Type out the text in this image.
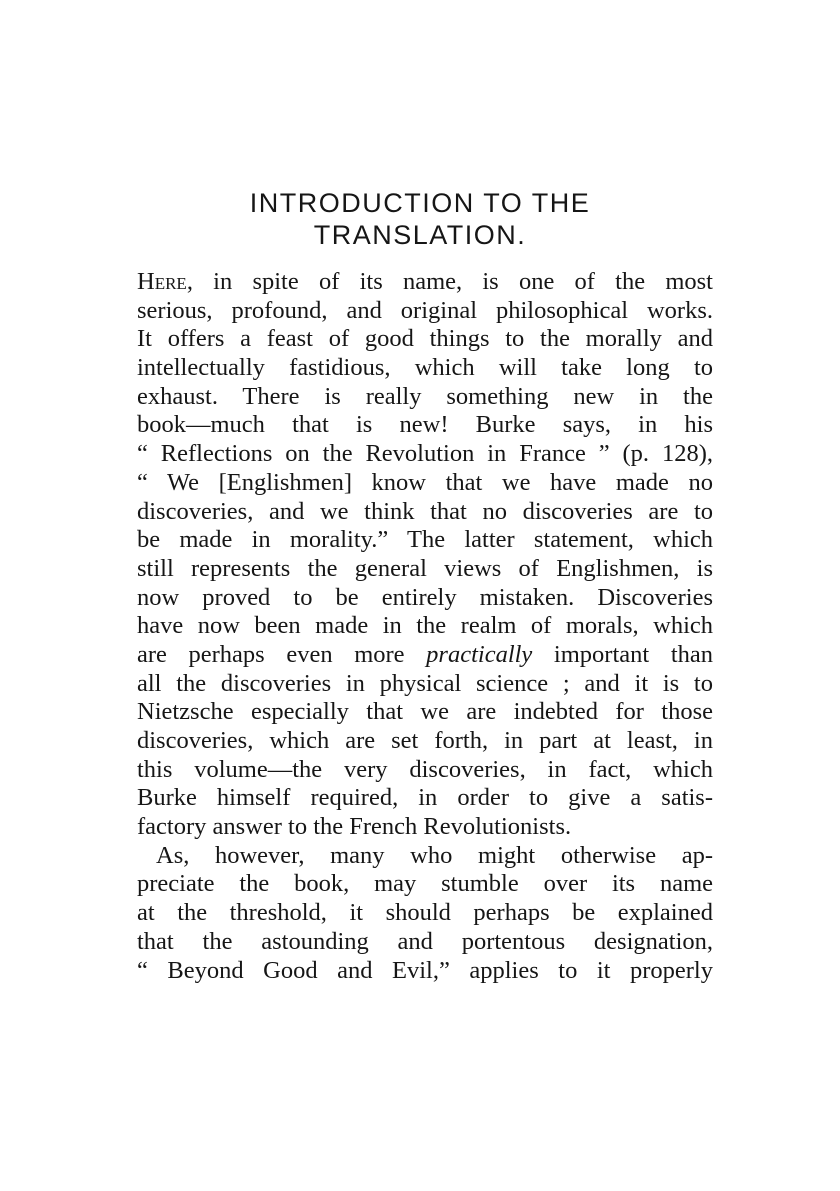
INTRODUCTION TO THE
TRANSLATION.
Here, in spite of its name, is one of the most
serious, profound, and original philosophical works.
It offers a feast of good things to the morally and
intellectually fastidious, which will take long to
exhaust. There is really something new in the
book—much that is new! Burke says, in his
“ Reflections on the Revolution in France ” (p. 128),
“ We [Englishmen] know that we have made no
discoveries, and we think that no discoveries are to
be made in morality.” The latter statement, which
still represents the general views of Englishmen, is
now proved to be entirely mistaken. Discoveries
have now been made in the realm of morals, which
are perhaps even more practically important than
all the discoveries in physical science ; and it is to
Nietzsche especially that we are indebted for those
discoveries, which are set forth, in part at least, in
this volume—the very discoveries, in fact, which
Burke himself required, in order to give a satis-
factory answer to the French Revolutionists.
As, however, many who might otherwise ap-
preciate the book, may stumble over its name
at the threshold, it should perhaps be explained
that the astounding and portentous designation,
“ Beyond Good and Evil,” applies to it properly
